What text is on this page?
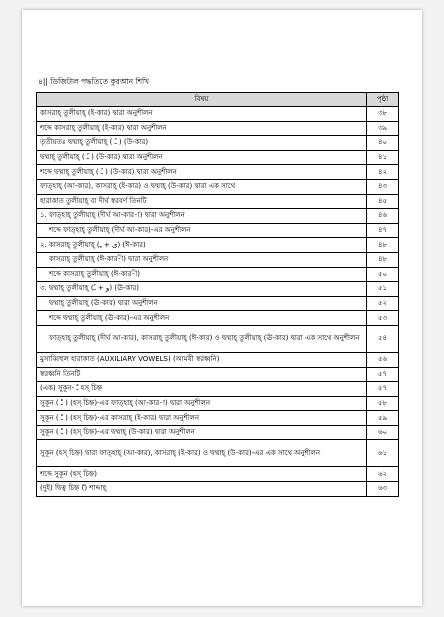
৪|| ডিজিটাল পদ্ধতিতে কুরআন শিখি
বিষয়	পৃষ্ঠা
কাসরাহ্ তুলীয়াহ্ (ই-কার) দ্বারা অনুশীলন	৩৮
শব্দে কাসরাহ্ তুলীয়াহ্ (ই-কার) দ্বারা অনুশীলন	৩৯
তৃতীয়তঃ দ্বম্মাহ্ তুলীয়াহ্ ( ـُ ) (উ-কার)	৪০
দ্বম্মাহ্ তুলীয়াহ্ ( ـُ ) (উ-কার) দ্বারা অনুশীলন	৪১
শব্দে দ্বম্মাহ্ তুলীয়াহ্ ( ـُ ) (উ-কার) দ্বারা অনুশীলন	৪২
ফাত্‌হাহ্ (আ-কার), কাসরাহ্ (ই-কার) ও দ্বম্মাহ্ (উ-কার) দ্বারা এক সাথে	৪৩
হারাকাত তুলীয়াহ্ বা দীর্ঘ স্বরবর্ণ তিনটি	৪৫
১. ফাত্‌হাহ্ তুলীয়াহ্ (দীর্ঘ আ-কার-া) দ্বারা অনুশীলন	৪৬
শব্দে ফাত্‌হাহ্ তুলীয়াহ্ (দীর্ঘ আ-কার)-এর অনুশীলন	৪৭
২. কাসরাহ্ তুলীয়াহ্ (ى + ـِ) (ঈ-কার)	৪৮
কাসরাহ্ তুলীয়াহ্ (ঈ-কার-ী) দ্বারা অনুশীলন	৪৮
শব্দে কাসরাহ্ তুলীয়াহ্ (ঈ-কার-ী)	৫০
৩. দ্বম্মাহ্ তুলীয়াহ্ (و + ـُ) (ঊ-কার)	৫১
দ্বম্মাহ্ তুলীয়াহ্ (ঊ-কার) দ্বারা অনুশীলন	৫২
শব্দে দ্বম্মাহ্ তুলীয়াহ্ (ঊ-কার)-এর অনুশীলন	৫৩
ফাত্‌হাহ্ তুলীয়াহ্ (দীর্ঘ আ-কার), কাসরাহ্ তুলীয়াহ্ (ঈ-কার) ও দ্বম্মাহ্ তুলীয়াহ্ (ঊ-কার) দ্বারা এক সাথে অনুশীলন	৫৪
মুসাব্বিহুল হারাকাত (AUXILIARY VOWELS) (আমযী স্বরধ্বনি)	৫৬
স্বরধ্বনি তিনটি	৫৭
(এক) সুকূন- ـْ হস্‌ চিহ্ন	৫৭
সুকূন ( ـْ ) (হস্‌ চিহ্ন)-এর ফাত্‌হাহ্ (আ-কার-া) দ্বারা অনুশীলন	৫৮
সুকূন ( ـْ ) (হস্‌ চিহ্ন)-এর কাসরাহ্ (ই-কার) দ্বারা অনুশীলন	৫৯
সুকূন ( ـْ ) (হস্‌ চিহ্ন)-এর দ্বম্মাহ্ (উ-কার) দ্বারা অনুশীলন	৬০
সুকূন (হস্‌ চিহ্ন) দ্বারা ফাত্‌হাহ্ (আ-কার), কাসরাহ্ (ই-কার) ও দ্বম্মাহ্ (উ-কার)-এর এক সাথে অনুশীলন	৬১
শব্দে সুকূন (হস্‌ চিহ্ন)	৬২
(দুই) দ্বিত্ব চিহ্ন (ّ) শাদ্দাহ্	৬৩
